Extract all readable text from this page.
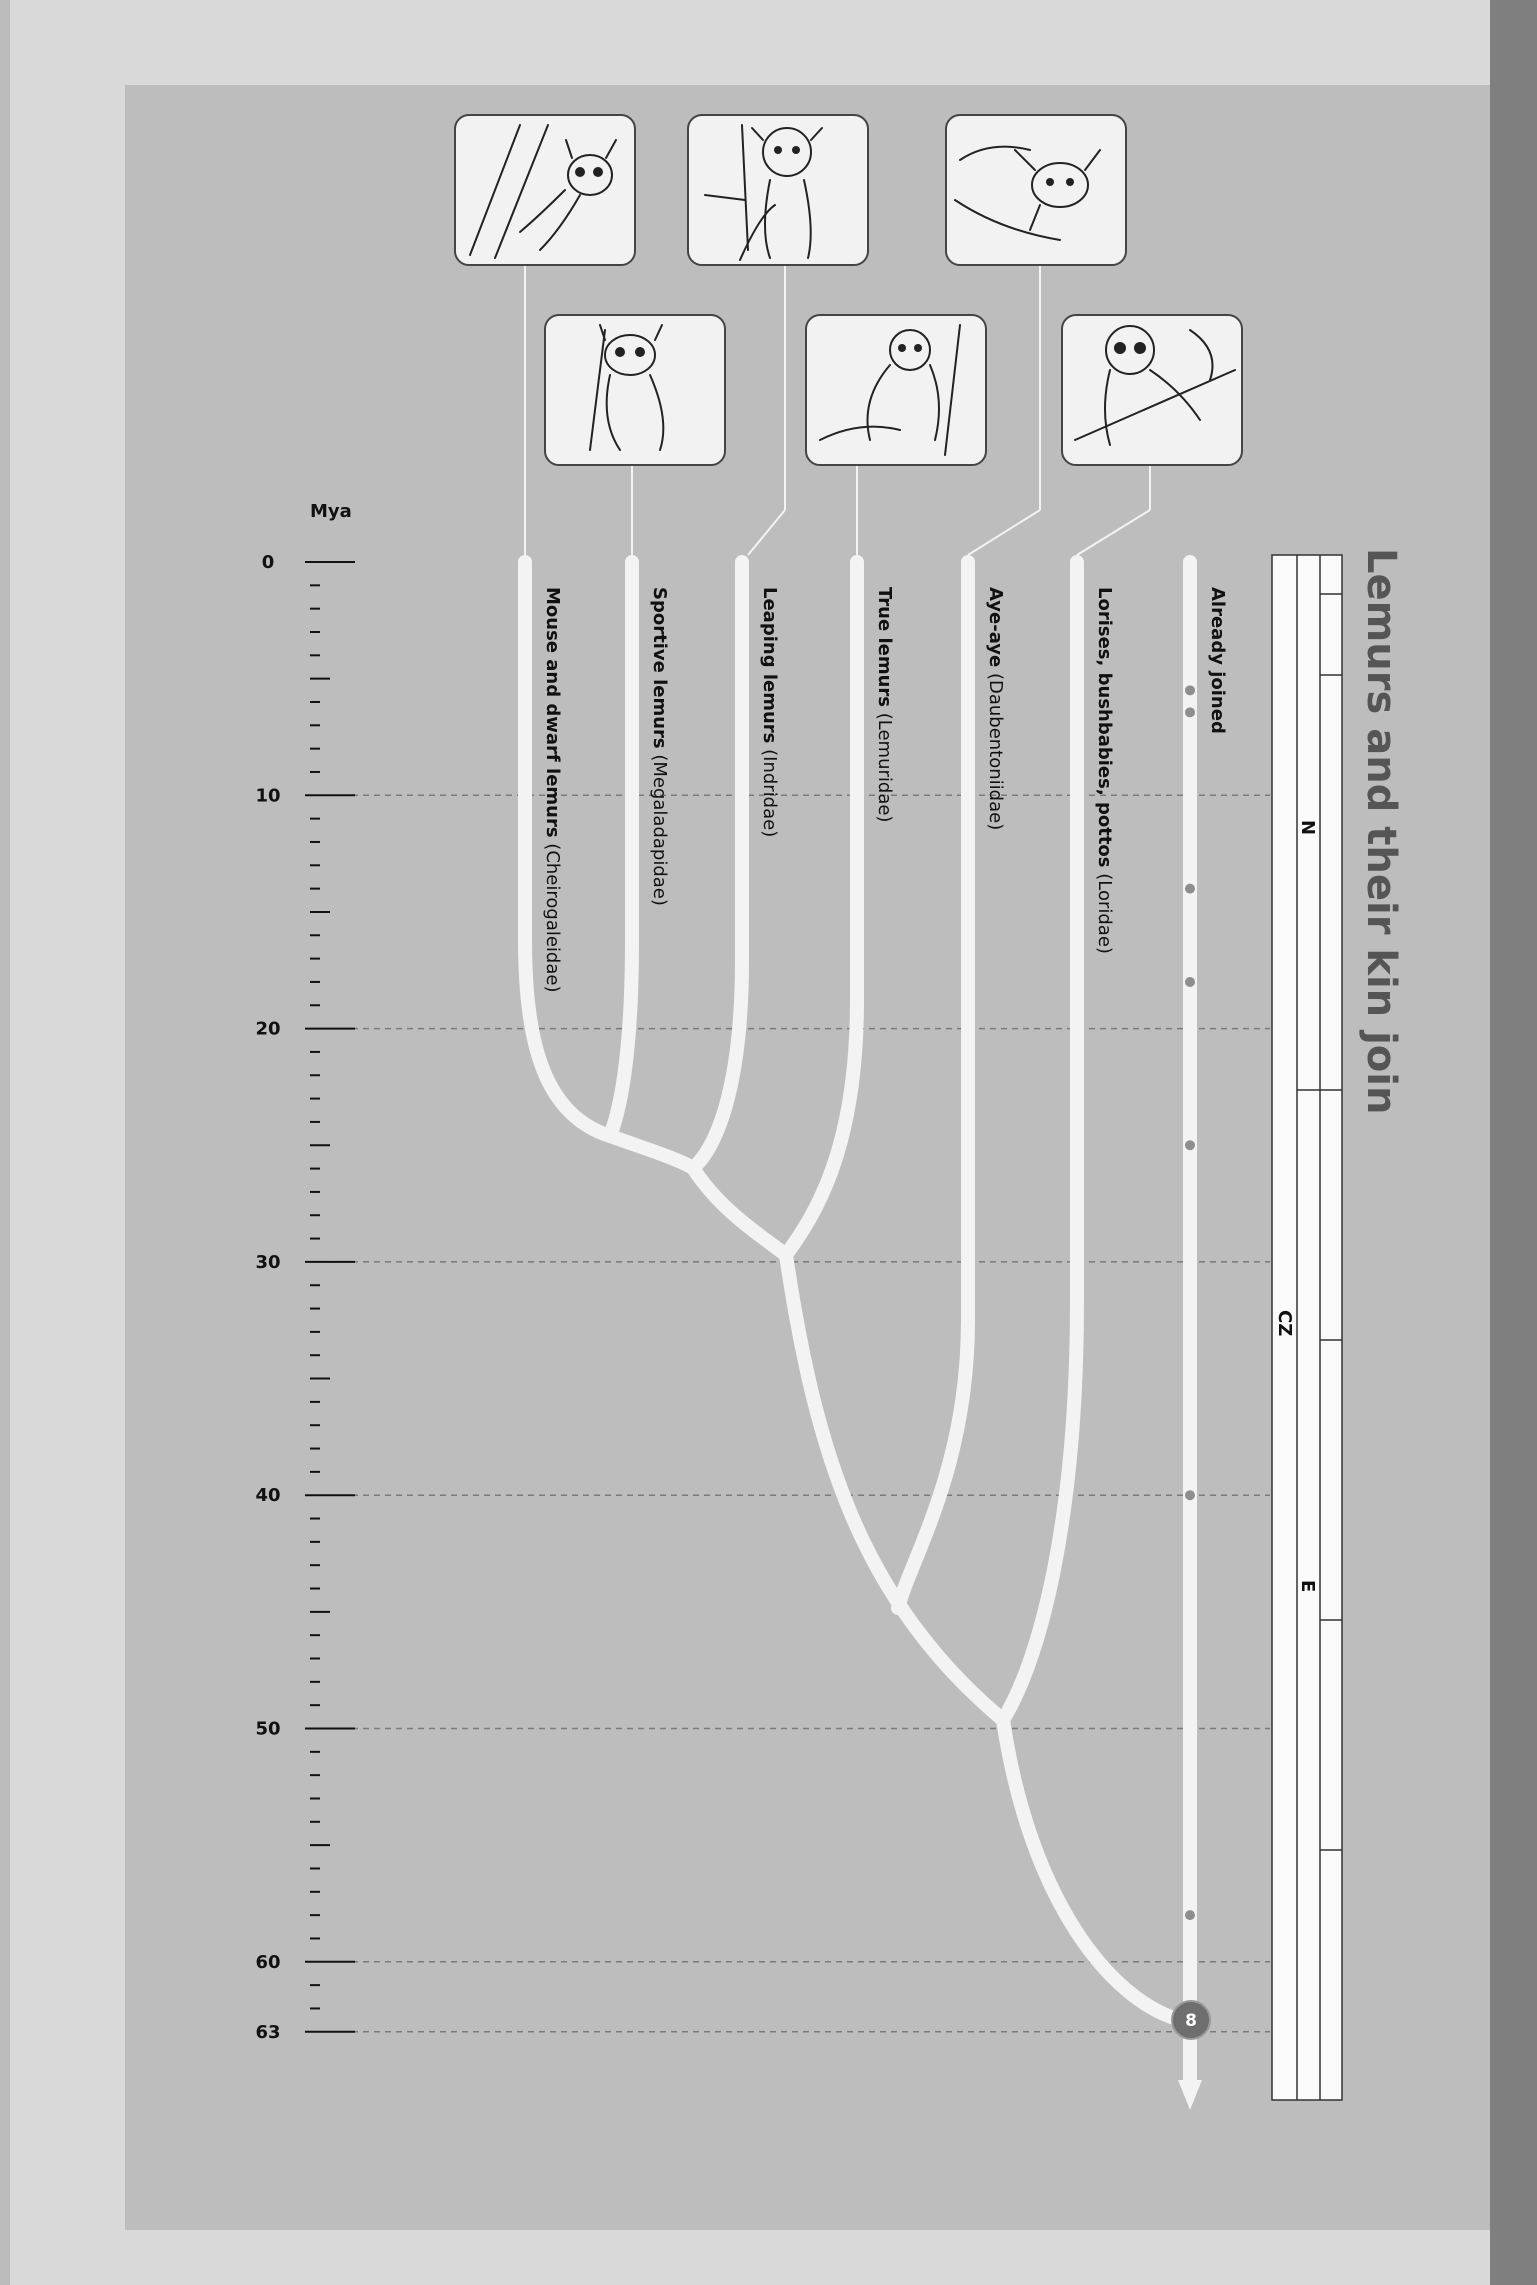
Mya
0
10
20
30
40
50
60
63
N
CZ
E
Lemurs and their kin join
8
Mouse and dwarf lemurs (Cheirogaleidae)
Sportive lemurs (Megaladapidae)
Leaping lemurs (Indridae)
True lemurs (Lemuridae)
Aye-aye (Daubentoniidae)	Lorises, bushbabies, pottos (Loridae)
Already joined
